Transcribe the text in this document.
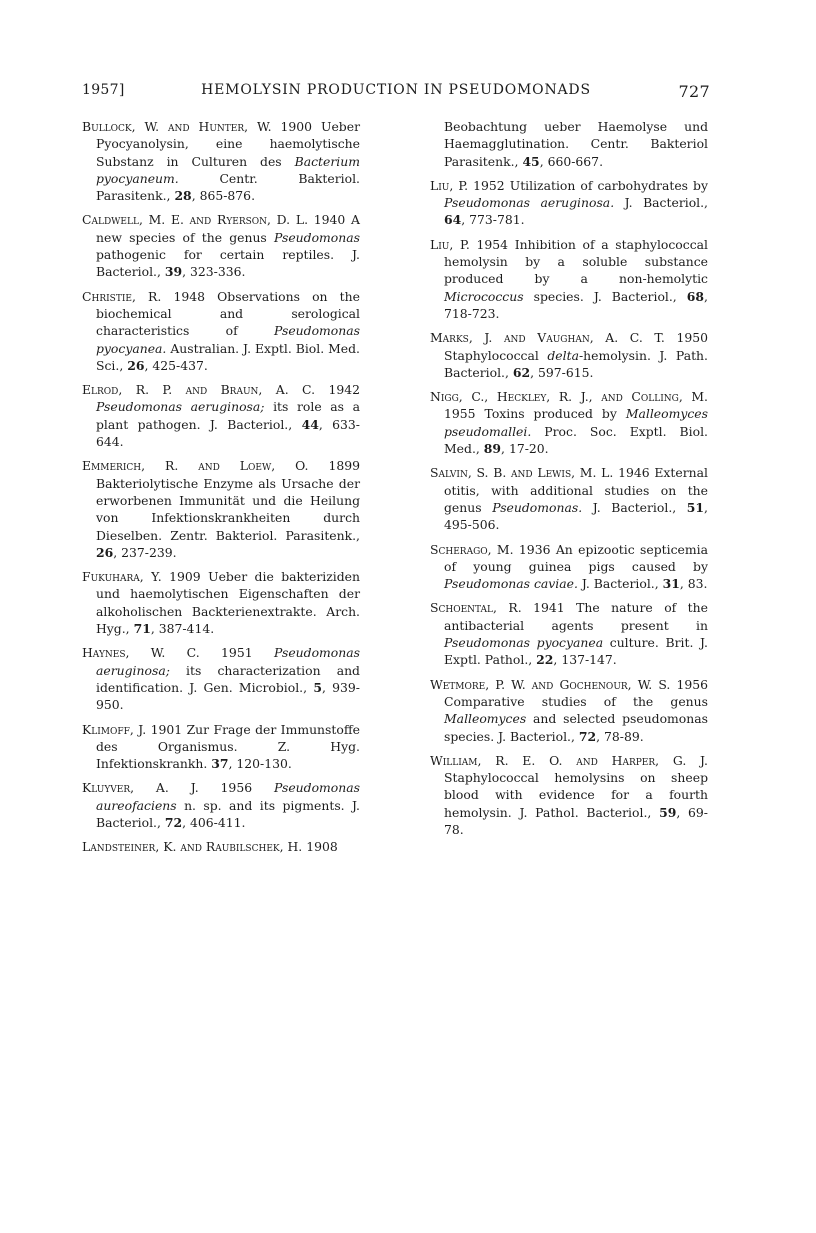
1957]	HEMOLYSIN PRODUCTION IN PSEUDOMONADS	727

Bullock, W. and Hunter, W. 1900 Ueber Pyocyanolysin, eine haemolytische Substanz in Culturen des Bacterium pyocyaneum.	Centr. Bakteriol. Parasitenk., 28, 865-876.

Caldwell, M. E. and Ryerson, D. L. 1940 A new species of the genus Pseudomonas pathogenic for certain reptiles. J. Bacteriol., 39, 323-336.

Christie, R. 1948 Observations on the biochemical and serological characteristics of	Pseudomonas pyocyanea. Australian. J. Exptl. Biol. Med. Sci., 26, 425-437.

Elrod, R. P. and Braun, A. C. 1942 Pseudomonas aeruginosa; its role as a plant pathogen. J. Bacteriol., 44, 633-644.

Emmerich, R. and Loew, O. 1899 Bakteriolytische Enzyme als Ursache der erworbenen Immunität und die Heilung von Infektionskrankheiten durch Dieselben. Zentr. Bakteriol. Parasitenk., 26, 237-239.

Fukuhara, Y. 1909 Ueber die bakteriziden und haemolytischen Eigenschaften der alkoholischen Backterienextrakte. Arch. Hyg., 71, 387-414.

Haynes, W. C. 1951 Pseudomonas aeruginosa; its characterization and identification. J. Gen. Microbiol., 5, 939-950.

Klimoff, J. 1901 Zur Frage der Immunstoffe des Organismus. Z. Hyg. Infektionskrankh. 37, 120-130.

Kluyver, A. J. 1956 Pseudomonas aureofaciens n. sp. and its pigments. J. Bacteriol., 72, 406-411.

Landsteiner, K. and Raubilschek, H. 1908

Beobachtung ueber Haemolyse und Haemagglutination. Centr. Bakteriol Parasitenk., 45, 660-667.

Liu, P. 1952 Utilization of carbohydrates by Pseudomonas aeruginosa. J. Bacteriol., 64, 773-781.

Liu, P. 1954 Inhibition of a staphylococcal hemolysin by a soluble substance produced by a non-hemolytic Micrococcus species. J. Bacteriol., 68, 718-723.

Marks, J. and Vaughan, A. C. T. 1950 Staphylococcal delta-hemolysin. J. Path. Bacteriol., 62, 597-615.

Nigg, C., Heckley, R. J., and Colling, M. 1955 Toxins produced by Malleomyces pseudomallei. Proc. Soc. Exptl. Biol. Med., 89, 17-20.

Salvin, S. B. and Lewis, M. L. 1946 External otitis, with additional studies on the genus Pseudomonas. J. Bacteriol., 51, 495-506.

Scherago, M. 1936 An epizootic septicemia of young guinea pigs caused by Pseudomonas caviae. J. Bacteriol., 31, 83.

Schoental, R. 1941 The nature of the antibacterial agents present in Pseudomonas pyocyanea culture. Brit. J. Exptl. Pathol., 22, 137-147.

Wetmore, P. W. and Gochenour, W. S. 1956 Comparative studies of the genus Malleomyces and selected pseudomonas species. J. Bacteriol., 72, 78-89.

William, R. E. O. and Harper, G. J. Staphylococcal hemolysins on sheep blood with evidence for a fourth hemolysin. J. Pathol. Bacteriol., 59, 69-78.
